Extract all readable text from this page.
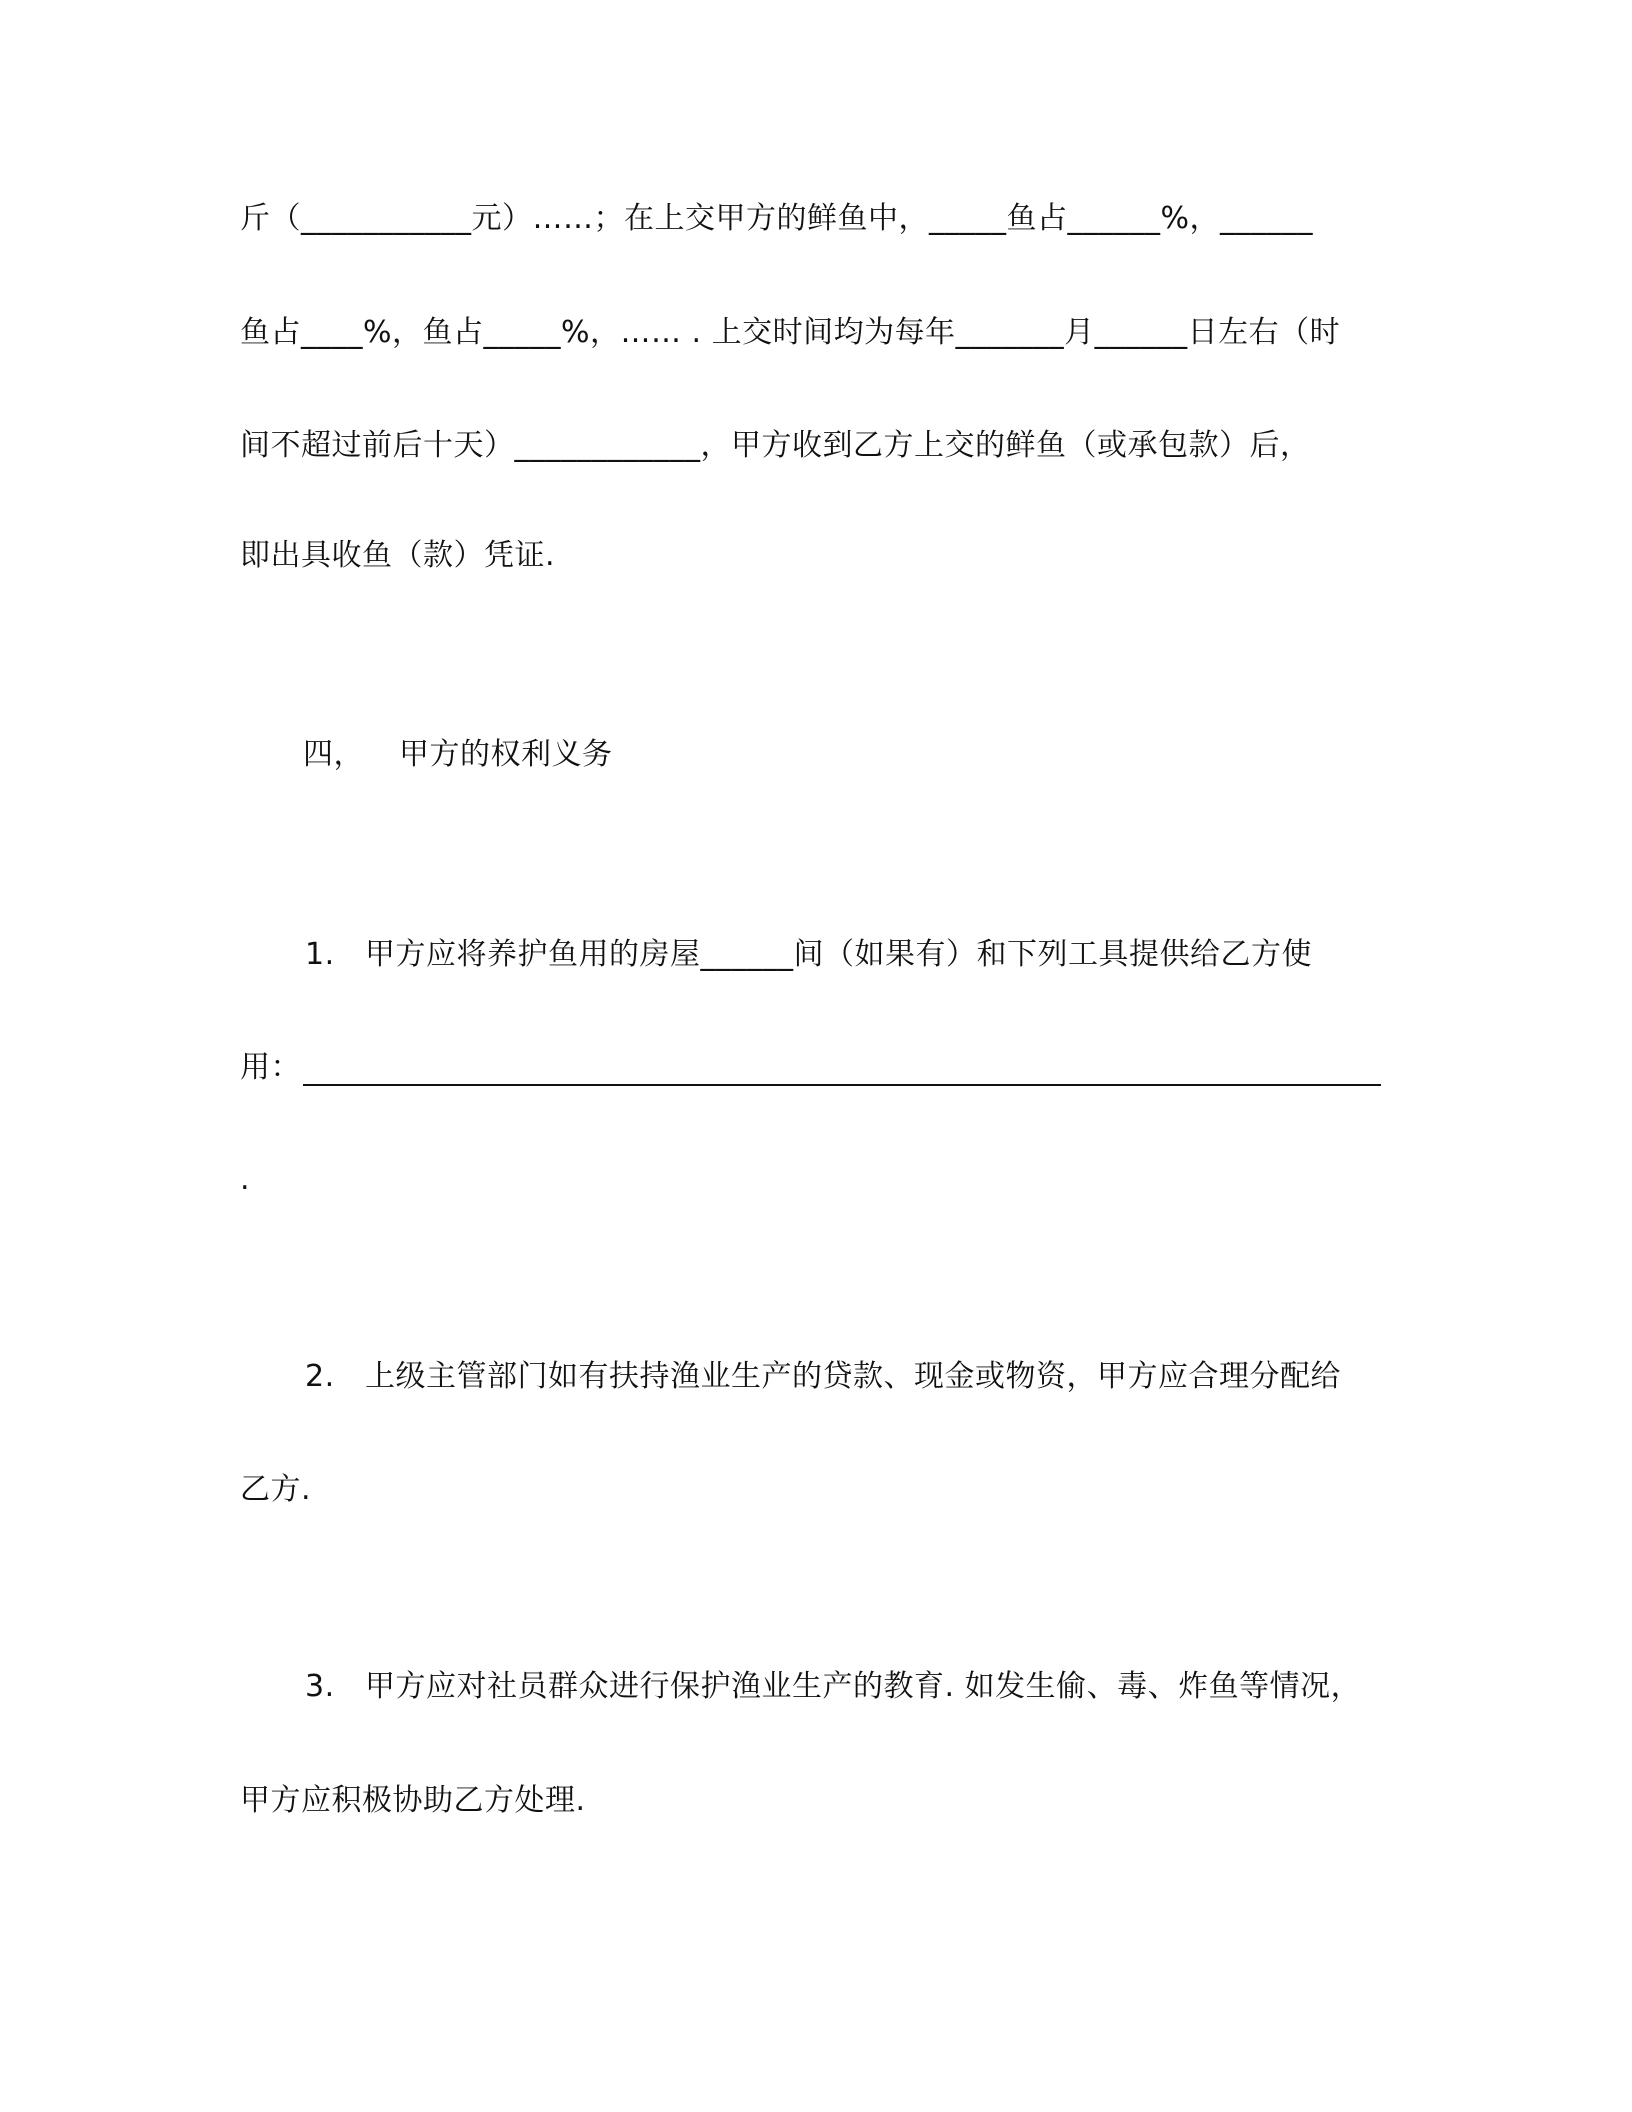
斤（___________元）……；在上交甲方的鲜鱼中，_____鱼占______%，______
鱼占____%，鱼占_____%，…… . 上交时间均为每年_______月______日左右（时
间不超过前后十天）____________，甲方收到乙方上交的鲜鱼（或承包款）后，
即出具收鱼（款）凭证.
四， 甲方的权利义务
1. 甲方应将养护鱼用的房屋______间（如果有）和下列工具提供给乙方使
用：
.
2. 上级主管部门如有扶持渔业生产的贷款、现金或物资，甲方应合理分配给
乙方.
3. 甲方应对社员群众进行保护渔业生产的教育. 如发生偷、毒、炸鱼等情况，
甲方应积极协助乙方处理.
